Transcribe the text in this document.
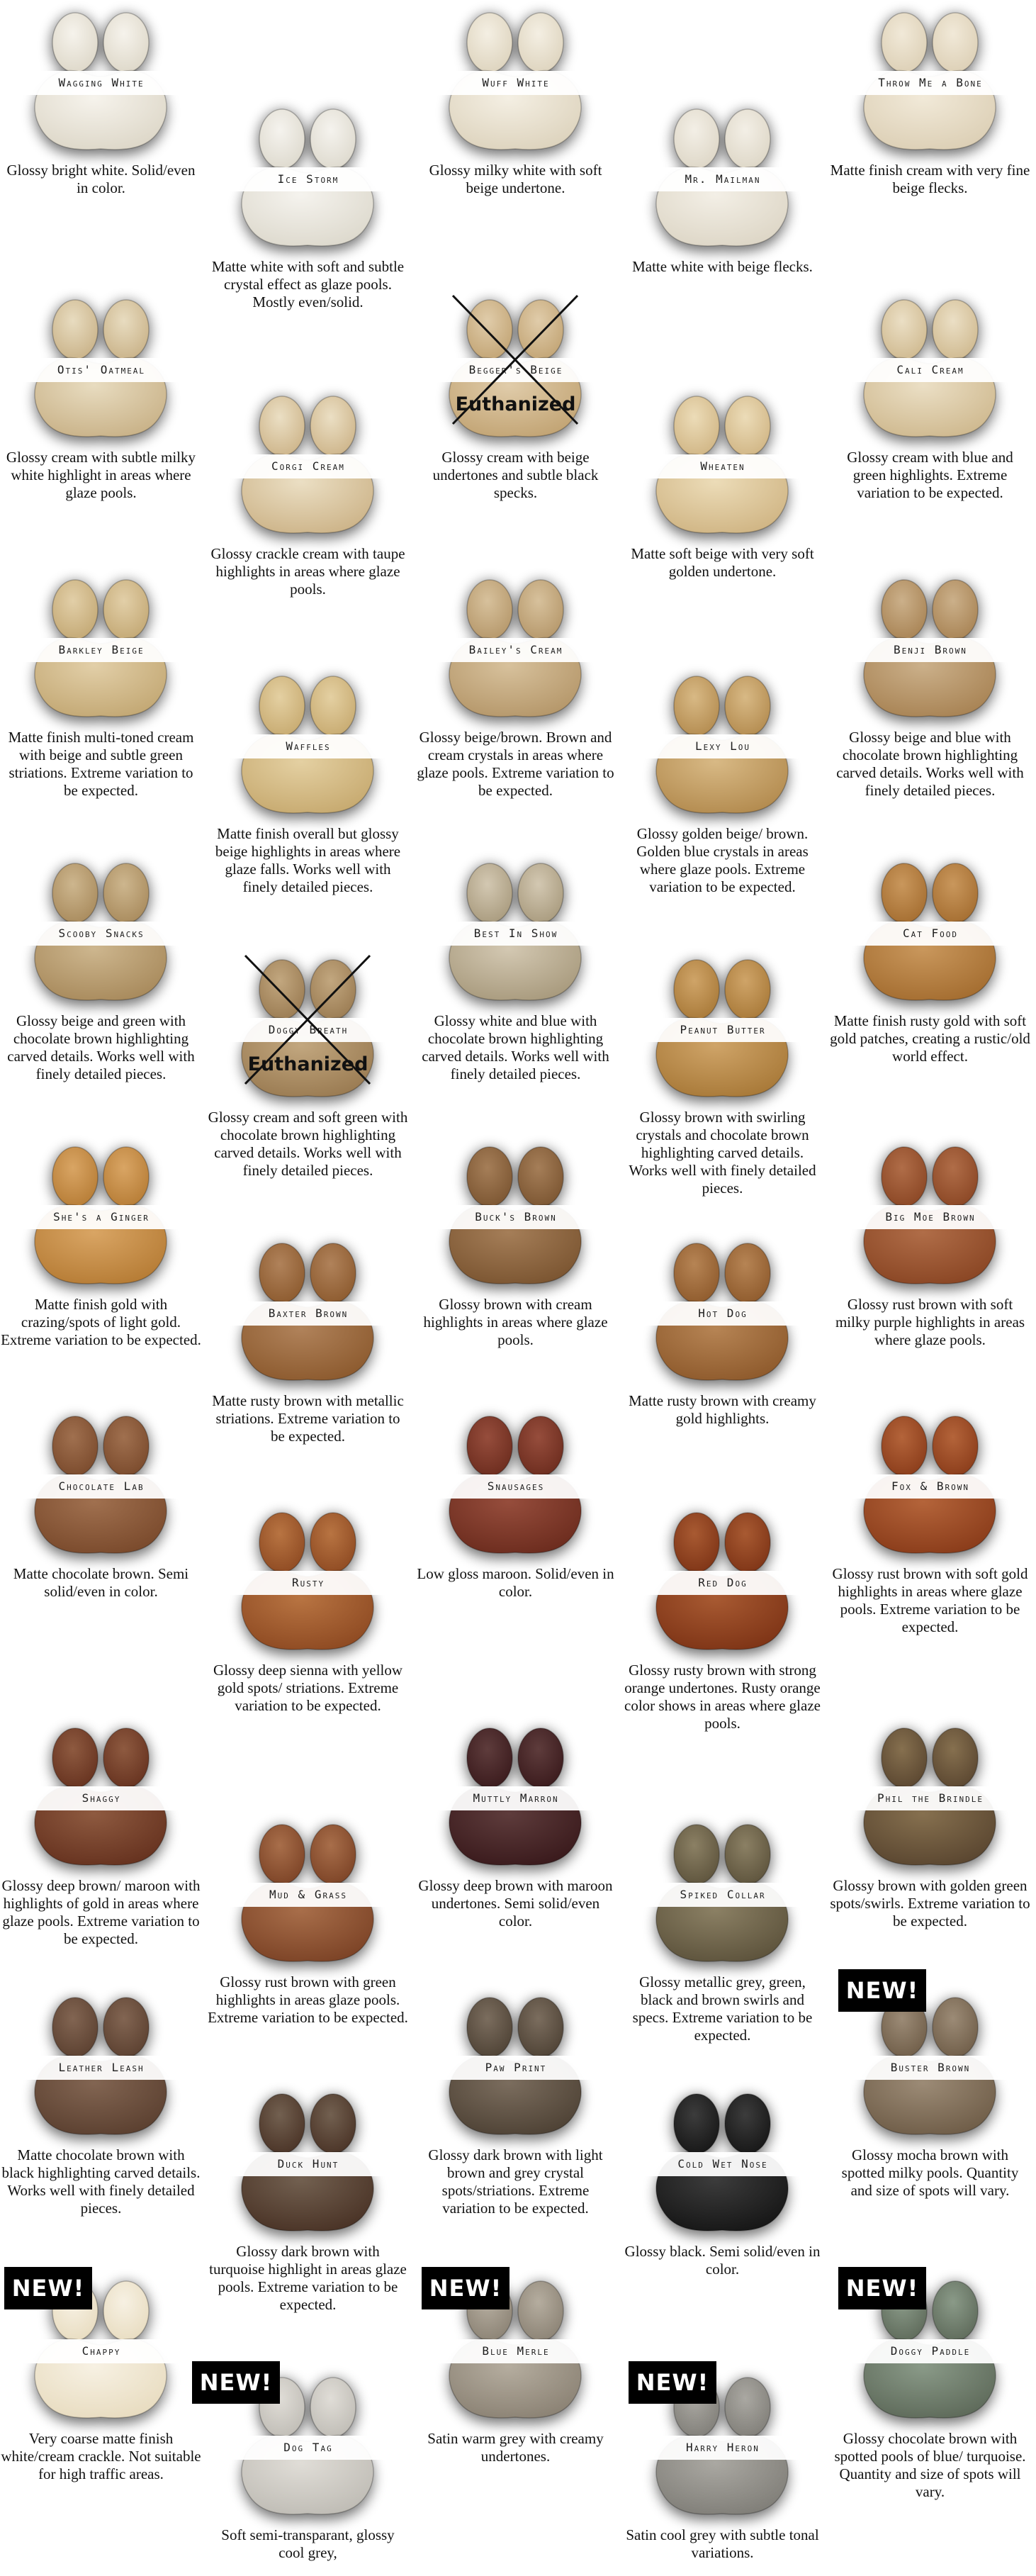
Wagging White
Glossy bright white. Solid/even in color.
Ice Storm
Matte white with soft and subtle crystal effect as glaze pools. Mostly even/solid.
Wuff White
Glossy milky white with soft beige undertone.
Mr. Mailman
Matte white with beige flecks.
Throw Me a Bone
Matte finish cream with very fine beige flecks.
Otis' Oatmeal
Glossy cream with subtle milky white highlight in areas where glaze pools.
Corgi Cream
Glossy crackle cream with taupe highlights in areas where glaze pools.
Begger's Beige
Euthanized
Glossy cream with beige undertones and subtle black specks.
Wheaten
Matte soft beige with very soft golden undertone.
Cali Cream
Glossy cream with blue and green highlights. Extreme variation to be expected.
Barkley Beige
Matte finish multi-toned cream with beige and subtle green striations. Extreme variation to be expected.
Waffles
Matte finish overall but glossy beige highlights in areas where glaze falls. Works well with finely detailed pieces.
Bailey's Cream
Glossy beige/brown. Brown and cream crystals in areas where glaze pools. Extreme variation to be expected.
Lexy Lou
Glossy golden beige/ brown. Golden blue crystals in areas where glaze pools. Extreme variation to be expected.
Benji Brown
Glossy beige and blue with chocolate brown highlighting carved details. Works well with finely detailed pieces.
Scooby Snacks
Glossy beige and green with chocolate brown highlighting carved details. Works well with finely detailed pieces.
Doggy Breath
Euthanized
Glossy cream and soft green with chocolate brown highlighting carved details. Works well with finely detailed pieces.
Best In Show
Glossy white and blue with chocolate brown highlighting carved details. Works well with finely detailed pieces.
Peanut Butter
Glossy brown with swirling crystals and chocolate brown highlighting carved details. Works well with finely detailed pieces.
Cat Food
Matte finish rusty gold with soft gold patches, creating a rustic/old world effect.
She's a Ginger
Matte finish gold with crazing/spots of light gold. Extreme variation to be expected.
Baxter Brown
Matte rusty brown with metallic striations. Extreme variation to be expected.
Buck's Brown
Glossy brown with cream highlights in areas where glaze pools.
Hot Dog
Matte rusty brown with creamy gold highlights.
Big Moe Brown
Glossy rust brown with soft milky purple highlights in areas where glaze pools.
Chocolate Lab
Matte chocolate brown. Semi solid/even in color.
Rusty
Glossy deep sienna with yellow gold spots/ striations. Extreme variation to be expected.
Snausages
Low gloss maroon. Solid/even in color.
Red Dog
Glossy rusty brown with strong orange undertones. Rusty orange color shows in areas where glaze pools.
Fox & Brown
Glossy rust brown with soft gold highlights in areas where glaze pools. Extreme variation to be expected.
Shaggy
Glossy deep brown/ maroon with highlights of gold in areas where glaze pools. Extreme variation to be expected.
Mud & Grass
Glossy rust brown with green highlights in areas glaze pools. Extreme variation to be expected.
Muttly Marron
Glossy deep brown with maroon undertones. Semi solid/even color.
Spiked Collar
Glossy metallic grey, green, black and brown swirls and specs. Extreme variation to be expected.
Phil the Brindle
Glossy brown with golden green spots/swirls. Extreme variation to be expected.
Leather Leash
Matte chocolate brown with black highlighting carved details. Works well with finely detailed pieces.
Duck Hunt
Glossy dark brown with turquoise highlight in areas glaze pools. Extreme variation to be expected.
Paw Print
Glossy dark brown with light brown and grey crystal spots/striations. Extreme variation to be expected.
Cold Wet Nose
Glossy black. Semi solid/even in color.
Buster Brown
Glossy mocha brown with spotted milky pools. Quantity and size of spots will vary.
Chappy
Very coarse matte finish white/cream crackle. Not suitable for high traffic areas.
Dog Tag
Soft semi-transparant, glossy cool grey,
Blue Merle
Satin warm grey with creamy undertones.
Harry Heron
Satin cool grey with subtle tonal variations.
Doggy Paddle
Glossy chocolate brown with spotted pools of blue/ turquoise. Quantity and size of spots will vary.
NEW!
NEW!
NEW!
NEW!
NEW!
NEW!
